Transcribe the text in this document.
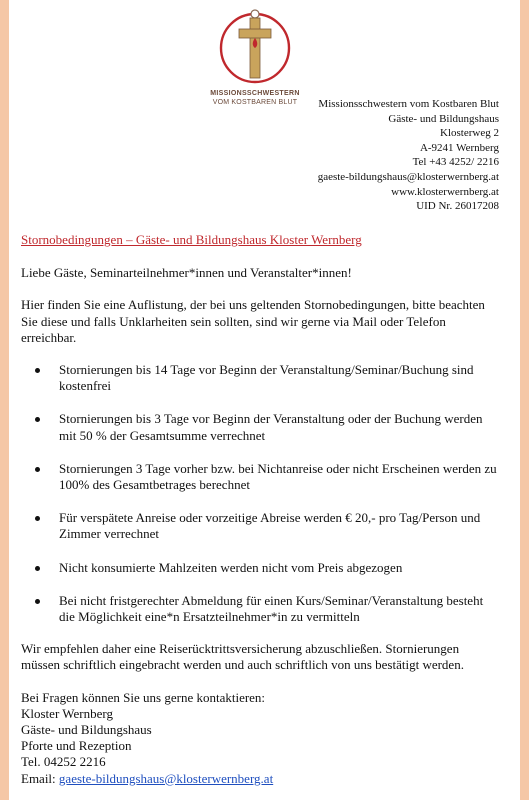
MISSIONSSCHWESTERN
VOM KOSTBAREN BLUT	Missionsschwestern vom Kostbaren Blut
Gäste- und Bildungshaus
Klosterweg 2
A-9241 Wernberg
Tel +43 4252/ 2216
gaeste-bildungshaus@klosterwernberg.at
www.klosterwernberg.at
UID Nr. 26017208
Stornobedingungen – Gäste- und Bildungshaus Kloster Wernberg

Liebe Gäste, Seminarteilnehmer*innen und Veranstalter*innen!

Hier finden Sie eine Auflistung, der bei uns geltenden Stornobedingungen, bitte beachten Sie diese und falls Unklarheiten sein sollten, sind wir gerne via Mail oder Telefon erreichbar.

Stornierungen bis 14 Tage vor Beginn der Veranstaltung/Seminar/Buchung sind kostenfrei
Stornierungen bis 3 Tage vor Beginn der Veranstaltung oder der Buchung werden mit 50 % der Gesamtsumme verrechnet
Stornierungen 3 Tage vorher bzw. bei Nichtanreise oder nicht Erscheinen werden zu 100% des Gesamtbetrages berechnet
Für verspätete Anreise oder vorzeitige Abreise werden € 20,- pro Tag/Person und Zimmer verrechnet
Nicht konsumierte Mahlzeiten werden nicht vom Preis abgezogen
Bei nicht fristgerechter Abmeldung für einen Kurs/Seminar/Veranstaltung besteht die Möglichkeit eine*n Ersatzteilnehmer*in zu vermitteln

Wir empfehlen daher eine Reiserücktrittsversicherung abzuschließen. Stornierungen müssen schriftlich eingebracht werden und auch schriftlich von uns bestätigt werden.

Bei Fragen können Sie uns gerne kontaktieren:
Kloster Wernberg
Gäste- und Bildungshaus
Pforte und Rezeption
Tel. 04252 2216
Email: gaeste-bildungshaus@klosterwernberg.at
